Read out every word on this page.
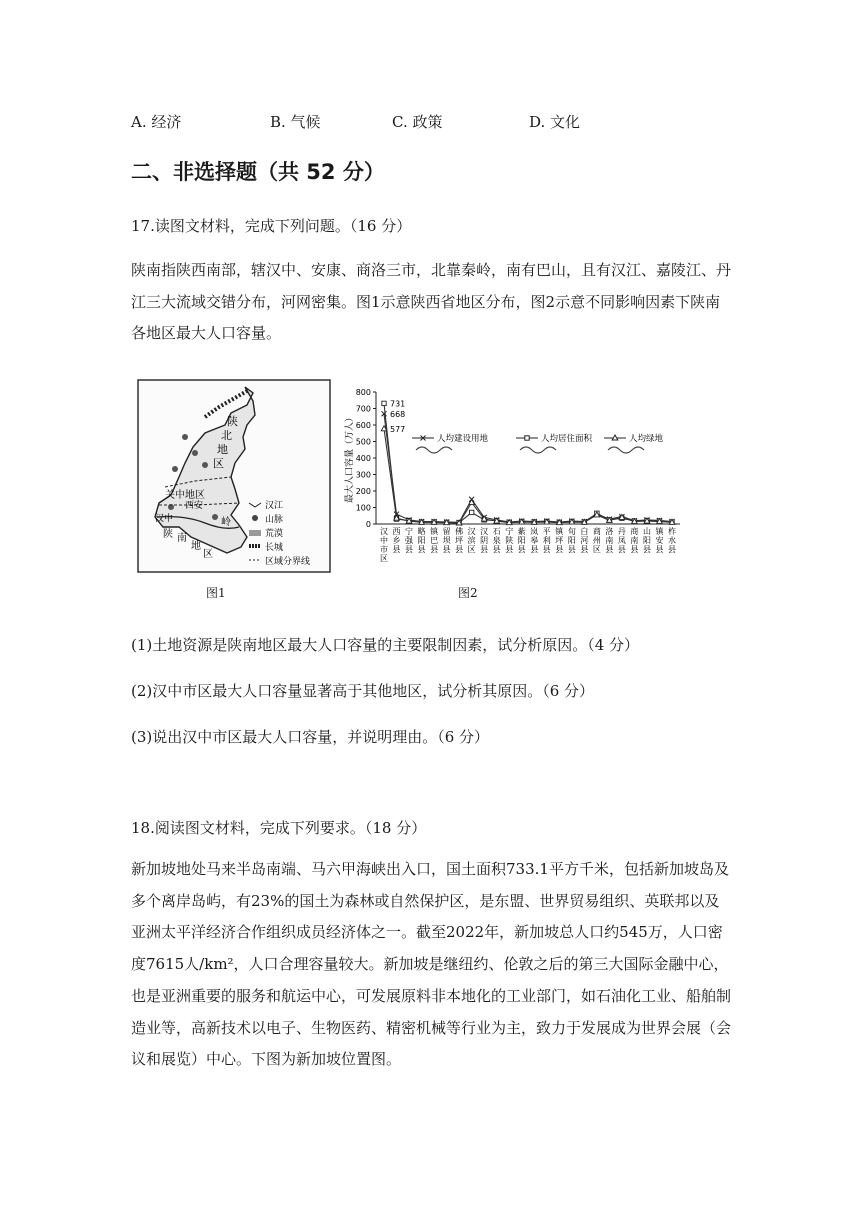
A. 经济	B. 气候	C. 政策	D. 文化
二、非选择题（共 52 分）
17.读图文材料，完成下列问题。（16 分）
陕南指陕西南部，辖汉中、安康、商洛三市，北靠秦岭，南有巴山，且有汉江、嘉陵江、丹江三大流域交错分布，河网密集。图1示意陕西省地区分布，图2示意不同影响因素下陕南各地区最大人口容量。
陕
北
地
区
关中地区
西安
汉中
陕 南
地
区
岭
汉江
山脉
荒漠
长城
区域分界线
0
100
200
300
400
500
600
700
800
最大人口容量（万人）
汉中市区
西乡县
宁强县
略阳县
镇巴县
留坝县
佛坪县
汉滨区
汉阴县
石泉县
宁陕县
紫阳县
岚皋县
平利县
镇坪县
旬阳县
白河县
商州区
洛南县
丹凤县
商南县
山阳县
镇安县
柞水县
731
668
577
人均建设用地	人均居住面积	人均绿地
图1	图2
(1)土地资源是陕南地区最大人口容量的主要限制因素，试分析原因。（4 分）
(2)汉中市区最大人口容量显著高于其他地区，试分析其原因。（6 分）
(3)说出汉中市区最大人口容量，并说明理由。（6 分）
18.阅读图文材料，完成下列要求。（18 分）
新加坡地处马来半岛南端、马六甲海峡出入口，国土面积733.1平方千米，包括新加坡岛及多个离岸岛屿，有23%的国土为森林或自然保护区，是东盟、世界贸易组织、英联邦以及亚洲太平洋经济合作组织成员经济体之一。截至2022年，新加坡总人口约545万，人口密度7615人/km²，人口合理容量较大。新加坡是继纽约、伦敦之后的第三大国际金融中心，也是亚洲重要的服务和航运中心，可发展原料非本地化的工业部门，如石油化工业、船舶制造业等，高新技术以电子、生物医药、精密机械等行业为主，致力于发展成为世界会展（会议和展览）中心。下图为新加坡位置图。
